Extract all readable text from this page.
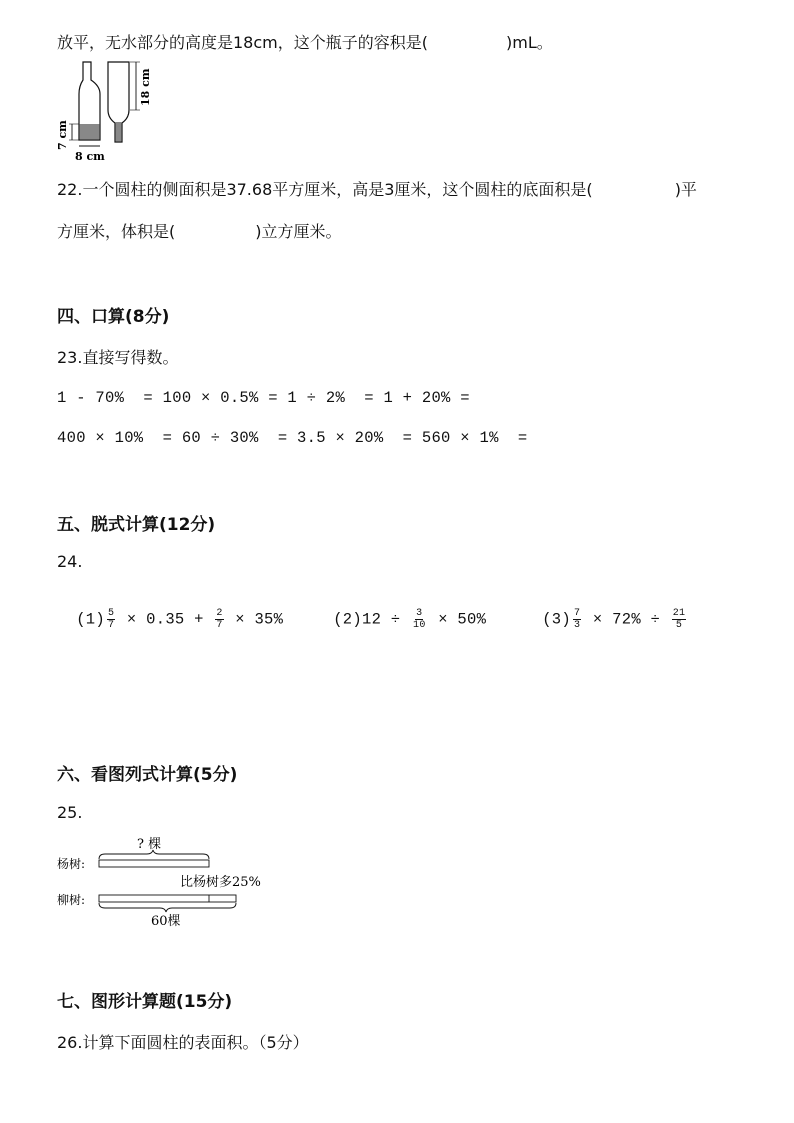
放平，无水部分的高度是18cm，这个瓶子的容积是(	)mL。
7 cm
8 cm
18 cm
22.一个圆柱的侧面积是37.68平方厘米，高是3厘米，这个圆柱的底面积是(	)平
方厘米，体积是(	)立方厘米。
四、口算(8分)
23.直接写得数。
1 - 70%  = 100 × 0.5% = 1 ÷ 2%  = 1 + 20% =
400 × 10%  = 60 ÷ 30%  = 3.5 × 20%  = 560 × 1%  =
五、脱式计算(12分)
24.

$(1) \frac{5}{7} \times 0.35 + \frac{2}{7} \times 35\%$	$(2)12 \div \frac{3}{10} \times 50\%$	$(3) \frac{7}{3} \times 72\% \div \frac{21}{5}$

六、看图列式计算(5分)
25.
? 棵
杨树:
比杨树多25%
柳树:
60棵
七、图形计算题(15分)
26.计算下面圆柱的表面积。（5分）
